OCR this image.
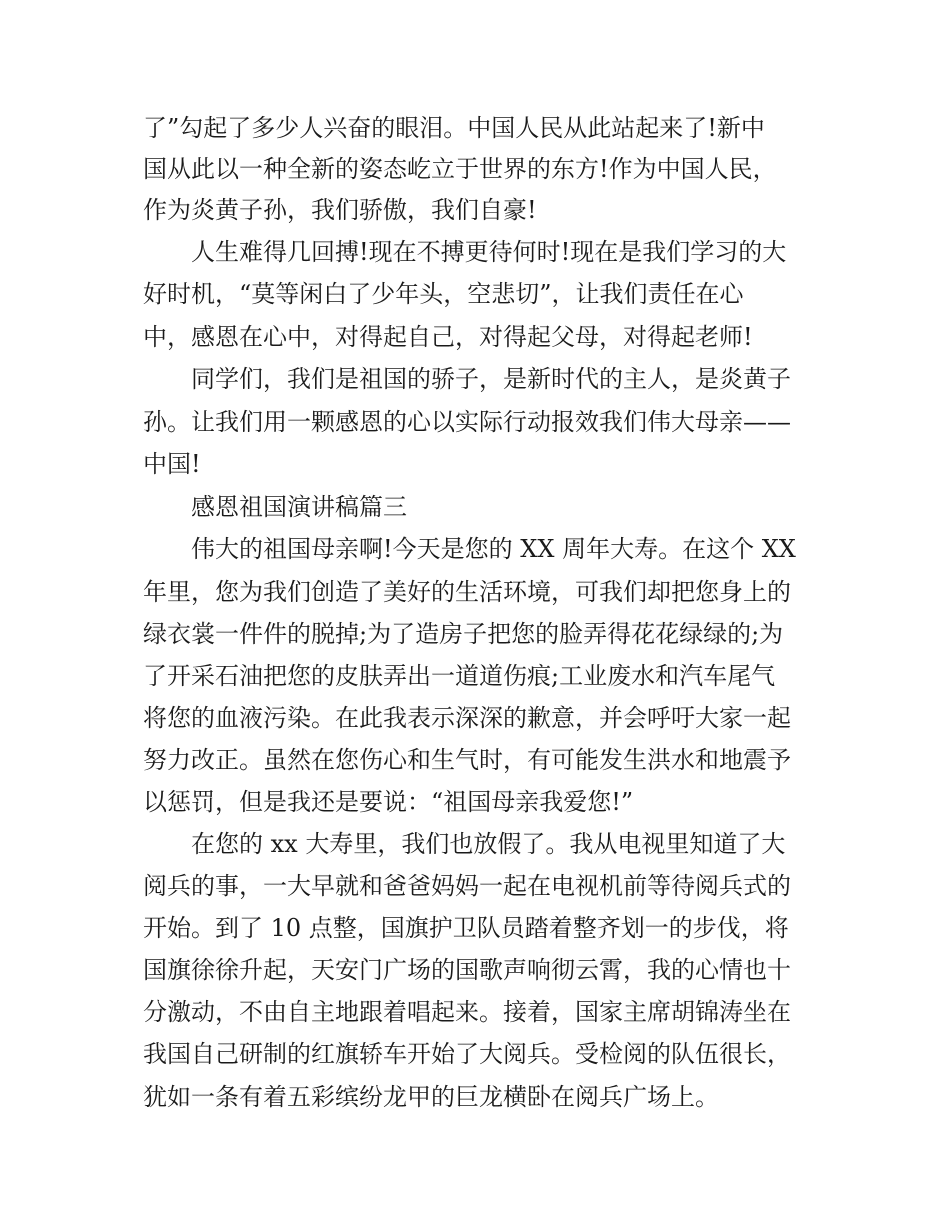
了”勾起了多少人兴奋的眼泪。中国人民从此站起来了!新中
国从此以一种全新的姿态屹立于世界的东方!作为中国人民，
作为炎黄子孙，我们骄傲，我们自豪!
人生难得几回搏!现在不搏更待何时!现在是我们学习的大
好时机，“莫等闲白了少年头，空悲切”，让我们责任在心
中，感恩在心中，对得起自己，对得起父母，对得起老师!
同学们，我们是祖国的骄子，是新时代的主人，是炎黄子
孙。让我们用一颗感恩的心以实际行动报效我们伟大母亲——
中国!
感恩祖国演讲稿篇三
伟大的祖国母亲啊!今天是您的 XX 周年大寿。在这个 XX
年里，您为我们创造了美好的生活环境，可我们却把您身上的
绿衣裳一件件的脱掉;为了造房子把您的脸弄得花花绿绿的;为
了开采石油把您的皮肤弄出一道道伤痕;工业废水和汽车尾气
将您的血液污染。在此我表示深深的歉意，并会呼吁大家一起
努力改正。虽然在您伤心和生气时，有可能发生洪水和地震予
以惩罚，但是我还是要说：“祖国母亲我爱您!”
在您的 xx 大寿里，我们也放假了。我从电视里知道了大
阅兵的事，一大早就和爸爸妈妈一起在电视机前等待阅兵式的
开始。到了 10 点整，国旗护卫队员踏着整齐划一的步伐，将
国旗徐徐升起，天安门广场的国歌声响彻云霄，我的心情也十
分激动，不由自主地跟着唱起来。接着，国家主席胡锦涛坐在
我国自己研制的红旗轿车开始了大阅兵。受检阅的队伍很长，
犹如一条有着五彩缤纷龙甲的巨龙横卧在阅兵广场上。
